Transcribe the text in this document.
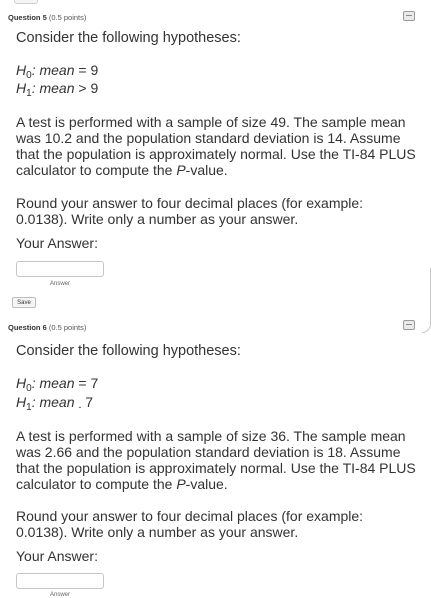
Question 5 (0.5 points)
Consider the following hypotheses:
$H_0$: mean = 9
$H_1$: mean > 9
A test is performed with a sample of size 49. The sample mean was 10.2 and the population standard deviation is 14. Assume that the population is approximately normal. Use the TI-84 PLUS calculator to compute the P-value.
Round your answer to four decimal places (for example: 0.0138). Write only a number as your answer.
Your Answer:
Answer
Save
Question 6 (0.5 points)
Consider the following hypotheses:
$H_0$: mean = 7
$H_1$: mean $_-$ 7
A test is performed with a sample of size 36. The sample mean was 2.66 and the population standard deviation is 18. Assume that the population is approximately normal. Use the TI-84 PLUS calculator to compute the P-value.
Round your answer to four decimal places (for example: 0.0138). Write only a number as your answer.
Your Answer:
Answer
